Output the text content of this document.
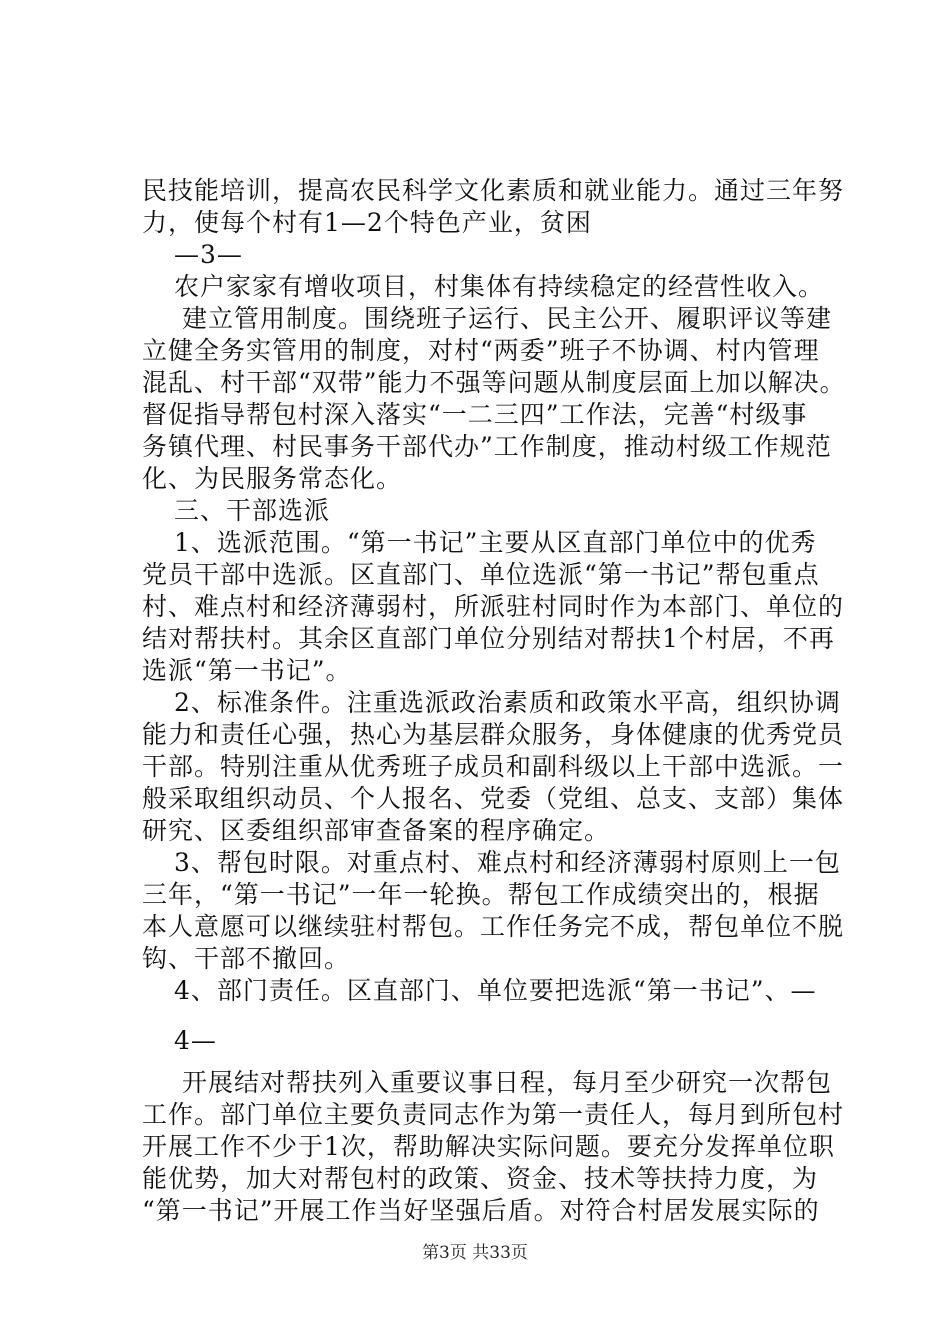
民技能培训，提高农民科学文化素质和就业能力。通过三年努
力，使每个村有1—2个特色产业，贫困
—3—
农户家家有增收项目，村集体有持续稳定的经营性收入。
建立管用制度。围绕班子运行、民主公开、履职评议等建
立健全务实管用的制度，对村“两委”班子不协调、村内管理
混乱、村干部“双带”能力不强等问题从制度层面上加以解决。
督促指导帮包村深入落实“一二三四”工作法，完善“村级事
务镇代理、村民事务干部代办”工作制度，推动村级工作规范
化、为民服务常态化。
三、干部选派
1、选派范围。“第一书记”主要从区直部门单位中的优秀
党员干部中选派。区直部门、单位选派“第一书记”帮包重点
村、难点村和经济薄弱村，所派驻村同时作为本部门、单位的
结对帮扶村。其余区直部门单位分别结对帮扶1个村居，不再
选派“第一书记”。
2、标准条件。注重选派政治素质和政策水平高，组织协调
能力和责任心强，热心为基层群众服务，身体健康的优秀党员
干部。特别注重从优秀班子成员和副科级以上干部中选派。一
般采取组织动员、个人报名、党委（党组、总支、支部）集体
研究、区委组织部审查备案的程序确定。
3、帮包时限。对重点村、难点村和经济薄弱村原则上一包
三年，“第一书记”一年一轮换。帮包工作成绩突出的，根据
本人意愿可以继续驻村帮包。工作任务完不成，帮包单位不脱
钩、干部不撤回。
4、部门责任。区直部门、单位要把选派“第一书记”、—
4—
开展结对帮扶列入重要议事日程，每月至少研究一次帮包
工作。部门单位主要负责同志作为第一责任人，每月到所包村
开展工作不少于1次，帮助解决实际问题。要充分发挥单位职
能优势，加大对帮包村的政策、资金、技术等扶持力度，为
“第一书记”开展工作当好坚强后盾。对符合村居发展实际的
第3页 共33页
